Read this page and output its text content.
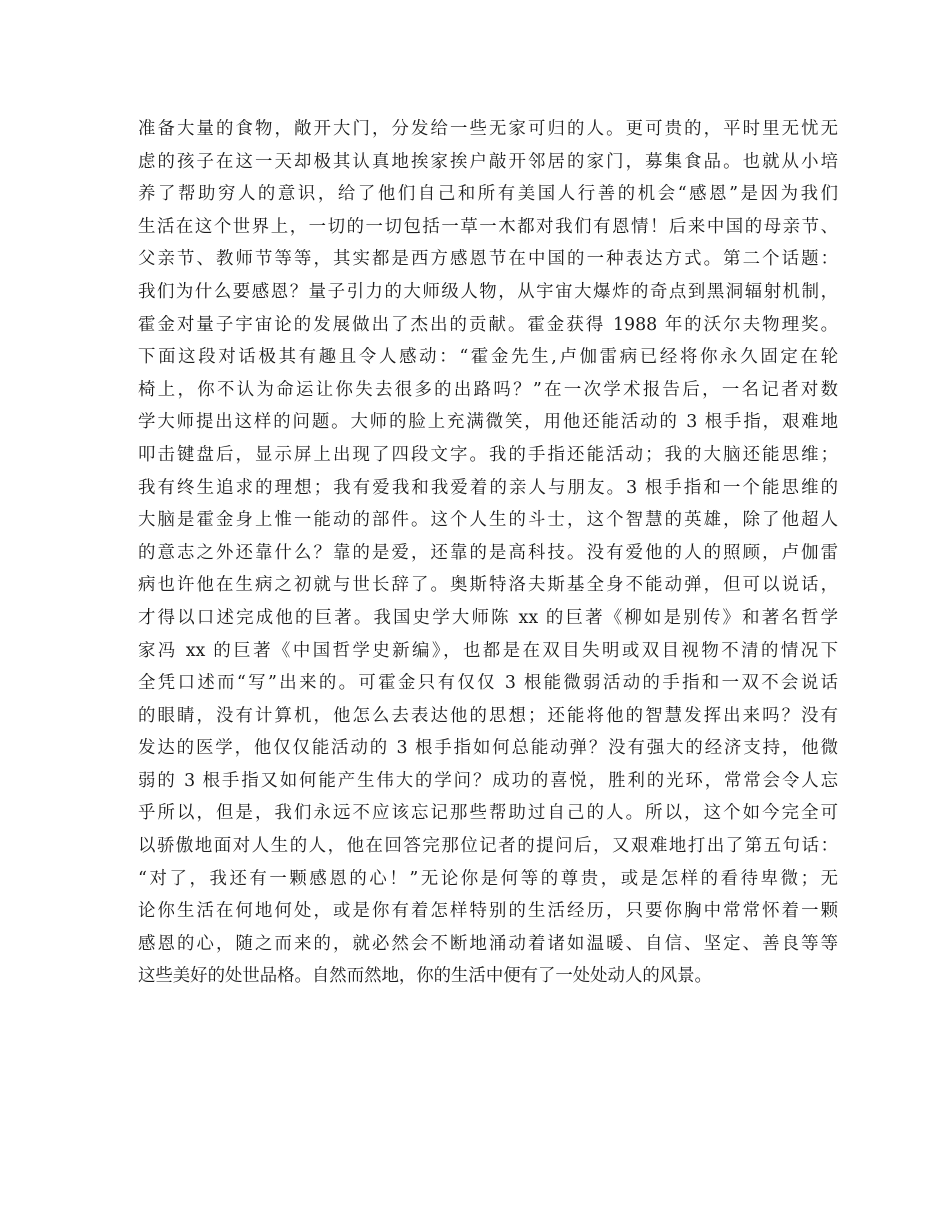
准备大量的食物，敞开大门，分发给一些无家可归的人。更可贵的，平时里无忧无
虑的孩子在这一天却极其认真地挨家挨户敲开邻居的家门，募集食品。也就从小培
养了帮助穷人的意识，给了他们自己和所有美国人行善的机会“感恩”是因为我们
生活在这个世界上，一切的一切包括一草一木都对我们有恩情！后来中国的母亲节、
父亲节、教师节等等，其实都是西方感恩节在中国的一种表达方式。第二个话题：
我们为什么要感恩？量子引力的大师级人物，从宇宙大爆炸的奇点到黑洞辐射机制，
霍金对量子宇宙论的发展做出了杰出的贡献。霍金获得 1988 年的沃尔夫物理奖。
下面这段对话极其有趣且令人感动：“霍金先生,卢伽雷病已经将你永久固定在轮
椅上，你不认为命运让你失去很多的出路吗？”在一次学术报告后，一名记者对数
学大师提出这样的问题。大师的脸上充满微笑，用他还能活动的 3 根手指，艰难地
叩击键盘后，显示屏上出现了四段文字。我的手指还能活动；我的大脑还能思维；
我有终生追求的理想；我有爱我和我爱着的亲人与朋友。3 根手指和一个能思维的
大脑是霍金身上惟一能动的部件。这个人生的斗士，这个智慧的英雄，除了他超人
的意志之外还靠什么？靠的是爱，还靠的是高科技。没有爱他的人的照顾，卢伽雷
病也许他在生病之初就与世长辞了。奥斯特洛夫斯基全身不能动弹，但可以说话，
才得以口述完成他的巨著。我国史学大师陈 xx 的巨著《柳如是别传》和著名哲学
家冯 xx 的巨著《中国哲学史新编》，也都是在双目失明或双目视物不清的情况下
全凭口述而“写”出来的。可霍金只有仅仅 3 根能微弱活动的手指和一双不会说话
的眼睛，没有计算机，他怎么去表达他的思想；还能将他的智慧发挥出来吗？没有
发达的医学，他仅仅能活动的 3 根手指如何总能动弹？没有强大的经济支持，他微
弱的 3 根手指又如何能产生伟大的学问？成功的喜悦，胜利的光环，常常会令人忘
乎所以，但是，我们永远不应该忘记那些帮助过自己的人。所以，这个如今完全可
以骄傲地面对人生的人，他在回答完那位记者的提问后，又艰难地打出了第五句话：
“对了，我还有一颗感恩的心！”无论你是何等的尊贵，或是怎样的看待卑微；无
论你生活在何地何处，或是你有着怎样特别的生活经历，只要你胸中常常怀着一颗
感恩的心，随之而来的，就必然会不断地涌动着诸如温暖、自信、坚定、善良等等
这些美好的处世品格。自然而然地，你的生活中便有了一处处动人的风景。
